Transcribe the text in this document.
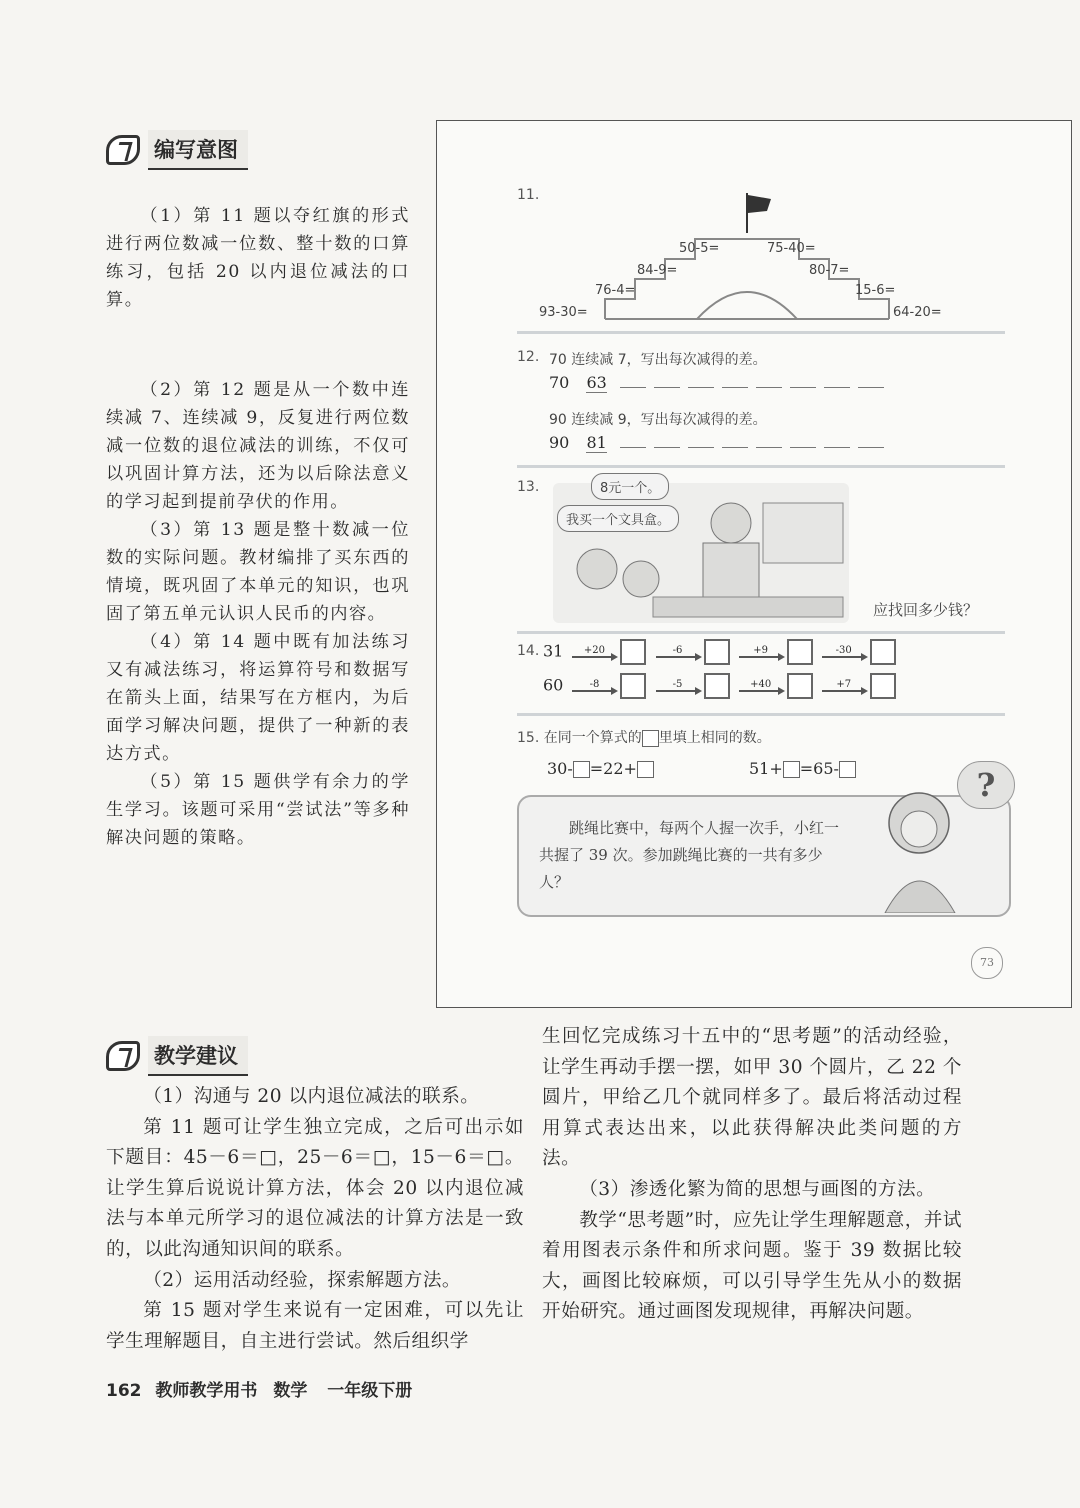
编写意图

（1）第 11 题以夺红旗的形式进行两位数减一位数、整十数的口算练习，包括 20 以内退位减法的口算。

（2）第 12 题是从一个数中连续减 7、连续减 9，反复进行两位数减一位数的退位减法的训练，不仅可以巩固计算方法，还为以后除法意义的学习起到提前孕伏的作用。

（3）第 13 题是整十数减一位数的实际问题。教材编排了买东西的情境，既巩固了本单元的知识，也巩固了第五单元认识人民币的内容。

（4）第 14 题中既有加法练习又有减法练习，将运算符号和数据写在箭头上面，结果写在方框内，为后面学习解决问题，提供了一种新的表达方式。

（5）第 15 题供学有余力的学生学习。该题可采用“尝试法”等多种解决问题的策略。

11.
50-5=
84-9=
76-4=
93-30=
75-40=
80-7=
15-6=
64-20=
12. 70 连续减 7，写出每次减得的差。
70 63
90 连续减 9，写出每次减得的差。
90 81
13.
我买一个文具盒。
8元一个。
应找回多少钱？
14. 31 +20	-6	+9	-30
60	-8	-5	+40	+7
15. 在同一个算式的 里填上相同的数。
30- =22+	51+ =65-
跳绳比赛中，每两个人握一次手，小红一共握了 39 次。参加跳绳比赛的一共有多少人？
?
73
教学建议

（1）沟通与 20 以内退位减法的联系。

第 11 题可让学生独立完成，之后可出示如下题目：45－6＝□，25－6＝□，15－6＝□。让学生算后说说计算方法，体会 20 以内退位减法与本单元所学习的退位减法的计算方法是一致的，以此沟通知识间的联系。

（2）运用活动经验，探索解题方法。

第 15 题对学生来说有一定困难，可以先让学生理解题目，自主进行尝试。然后组织学

生回忆完成练习十五中的“思考题”的活动经验，让学生再动手摆一摆，如甲 30 个圆片，乙 22 个圆片，甲给乙几个就同样多了。最后将活动过程用算式表达出来，以此获得解决此类问题的方法。

（3）渗透化繁为简的思想与画图的方法。

教学“思考题”时，应先让学生理解题意，并试着用图表示条件和所求问题。鉴于 39 数据比较大，画图比较麻烦，可以引导学生先从小的数据开始研究。通过画图发现规律，再解决问题。

162 教师教学用书 数学 一年级下册
